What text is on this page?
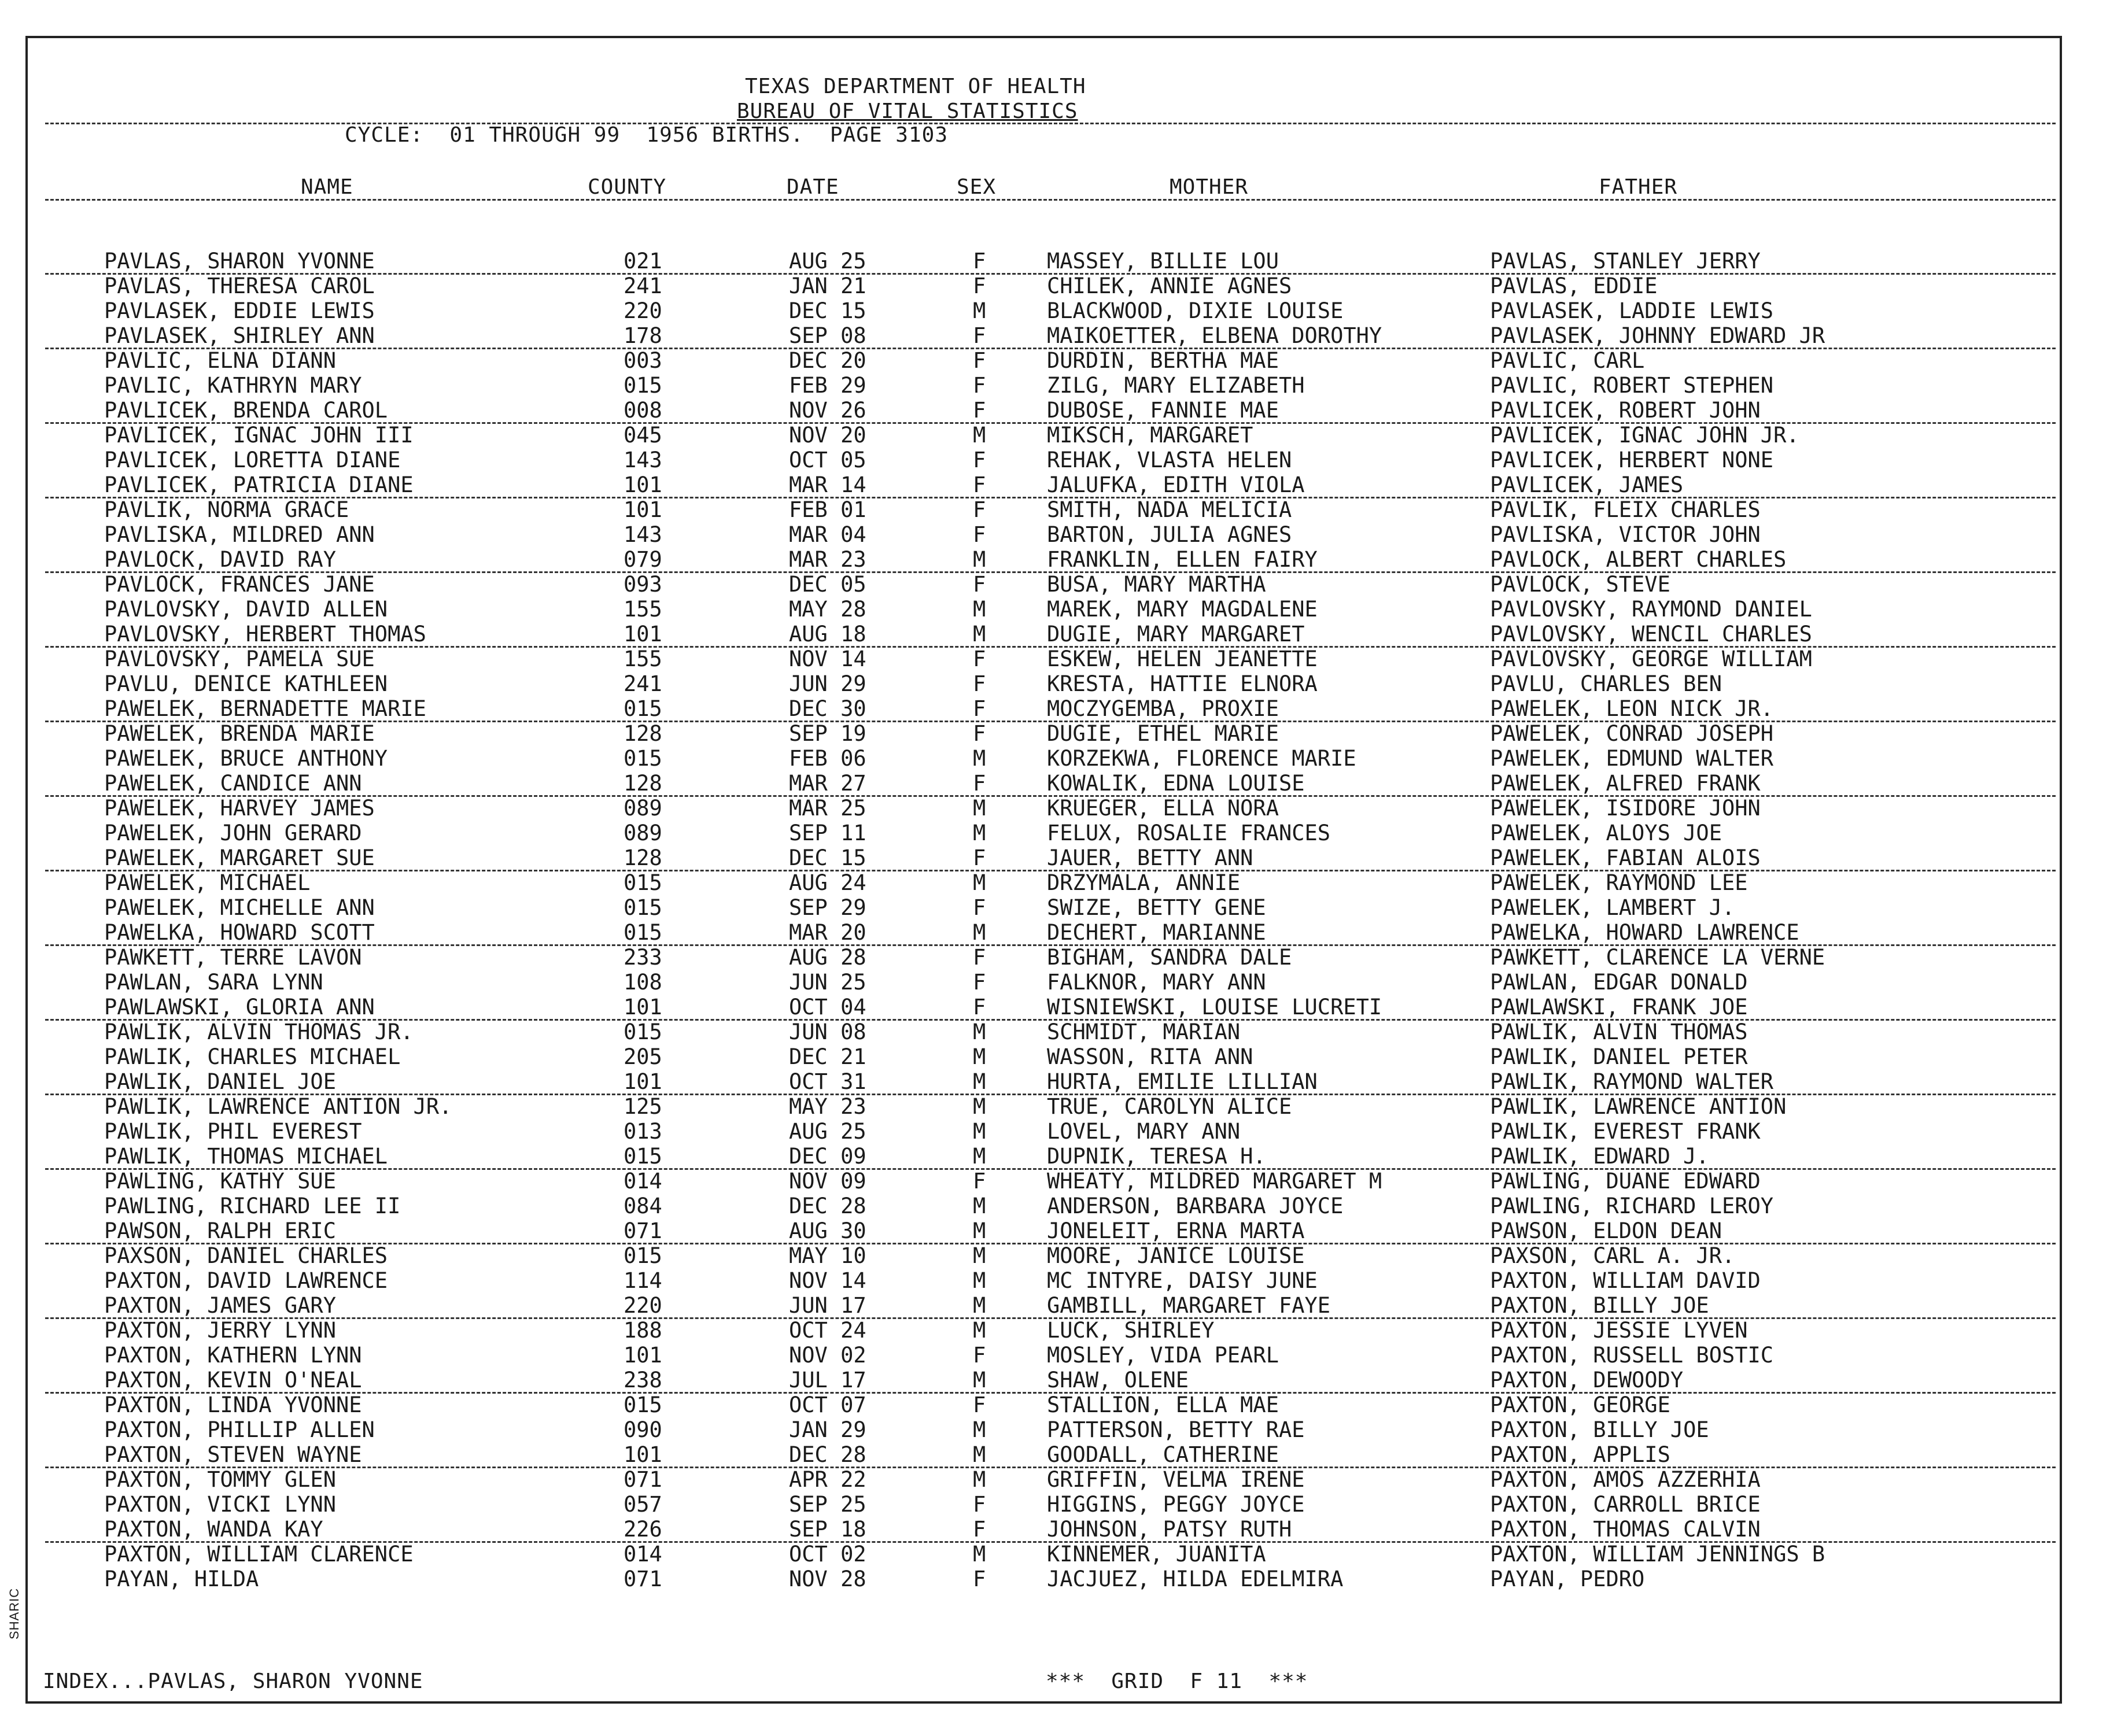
TEXAS DEPARTMENT OF HEALTH
BUREAU OF VITAL STATISTICS
CYCLE:  01 THROUGH 99  1956 BIRTHS.  PAGE 3103
NAME	COUNTY	DATE	SEX	MOTHER	FATHER
PAVLAS, SHARON YVONNE	021	AUG 25	F	MASSEY, BILLIE LOU	PAVLAS, STANLEY JERRY
PAVLAS, THERESA CAROL	241	JAN 21	F	CHILEK, ANNIE AGNES	PAVLAS, EDDIE
PAVLASEK, EDDIE LEWIS	220	DEC 15	M	BLACKWOOD, DIXIE LOUISE	PAVLASEK, LADDIE LEWIS
PAVLASEK, SHIRLEY ANN	178	SEP 08	F	MAIKOETTER, ELBENA DOROTHY	PAVLASEK, JOHNNY EDWARD JR
PAVLIC, ELNA DIANN	003	DEC 20	F	DURDIN, BERTHA MAE	PAVLIC, CARL
PAVLIC, KATHRYN MARY	015	FEB 29	F	ZILG, MARY ELIZABETH	PAVLIC, ROBERT STEPHEN
PAVLICEK, BRENDA CAROL	008	NOV 26	F	DUBOSE, FANNIE MAE	PAVLICEK, ROBERT JOHN
PAVLICEK, IGNAC JOHN III	045	NOV 20	M	MIKSCH, MARGARET	PAVLICEK, IGNAC JOHN JR.
PAVLICEK, LORETTA DIANE	143	OCT 05	F	REHAK, VLASTA HELEN	PAVLICEK, HERBERT NONE
PAVLICEK, PATRICIA DIANE	101	MAR 14	F	JALUFKA, EDITH VIOLA	PAVLICEK, JAMES
PAVLIK, NORMA GRACE	101	FEB 01	F	SMITH, NADA MELICIA	PAVLIK, FLEIX CHARLES
PAVLISKA, MILDRED ANN	143	MAR 04	F	BARTON, JULIA AGNES	PAVLISKA, VICTOR JOHN
PAVLOCK, DAVID RAY	079	MAR 23	M	FRANKLIN, ELLEN FAIRY	PAVLOCK, ALBERT CHARLES
PAVLOCK, FRANCES JANE	093	DEC 05	F	BUSA, MARY MARTHA	PAVLOCK, STEVE
PAVLOVSKY, DAVID ALLEN	155	MAY 28	M	MAREK, MARY MAGDALENE	PAVLOVSKY, RAYMOND DANIEL
PAVLOVSKY, HERBERT THOMAS	101	AUG 18	M	DUGIE, MARY MARGARET	PAVLOVSKY, WENCIL CHARLES
PAVLOVSKY, PAMELA SUE	155	NOV 14	F	ESKEW, HELEN JEANETTE	PAVLOVSKY, GEORGE WILLIAM
PAVLU, DENICE KATHLEEN	241	JUN 29	F	KRESTA, HATTIE ELNORA	PAVLU, CHARLES BEN
PAWELEK, BERNADETTE MARIE	015	DEC 30	F	MOCZYGEMBA, PROXIE	PAWELEK, LEON NICK JR.
PAWELEK, BRENDA MARIE	128	SEP 19	F	DUGIE, ETHEL MARIE	PAWELEK, CONRAD JOSEPH
PAWELEK, BRUCE ANTHONY	015	FEB 06	M	KORZEKWA, FLORENCE MARIE	PAWELEK, EDMUND WALTER
PAWELEK, CANDICE ANN	128	MAR 27	F	KOWALIK, EDNA LOUISE	PAWELEK, ALFRED FRANK
PAWELEK, HARVEY JAMES	089	MAR 25	M	KRUEGER, ELLA NORA	PAWELEK, ISIDORE JOHN
PAWELEK, JOHN GERARD	089	SEP 11	M	FELUX, ROSALIE FRANCES	PAWELEK, ALOYS JOE
PAWELEK, MARGARET SUE	128	DEC 15	F	JAUER, BETTY ANN	PAWELEK, FABIAN ALOIS
PAWELEK, MICHAEL	015	AUG 24	M	DRZYMALA, ANNIE	PAWELEK, RAYMOND LEE
PAWELEK, MICHELLE ANN	015	SEP 29	F	SWIZE, BETTY GENE	PAWELEK, LAMBERT J.
PAWELKA, HOWARD SCOTT	015	MAR 20	M	DECHERT, MARIANNE	PAWELKA, HOWARD LAWRENCE
PAWKETT, TERRE LAVON	233	AUG 28	F	BIGHAM, SANDRA DALE	PAWKETT, CLARENCE LA VERNE
PAWLAN, SARA LYNN	108	JUN 25	F	FALKNOR, MARY ANN	PAWLAN, EDGAR DONALD
PAWLAWSKI, GLORIA ANN	101	OCT 04	F	WISNIEWSKI, LOUISE LUCRETI	PAWLAWSKI, FRANK JOE
PAWLIK, ALVIN THOMAS JR.	015	JUN 08	M	SCHMIDT, MARIAN	PAWLIK, ALVIN THOMAS
PAWLIK, CHARLES MICHAEL	205	DEC 21	M	WASSON, RITA ANN	PAWLIK, DANIEL PETER
PAWLIK, DANIEL JOE	101	OCT 31	M	HURTA, EMILIE LILLIAN	PAWLIK, RAYMOND WALTER
PAWLIK, LAWRENCE ANTION JR.	125	MAY 23	M	TRUE, CAROLYN ALICE	PAWLIK, LAWRENCE ANTION
PAWLIK, PHIL EVEREST	013	AUG 25	M	LOVEL, MARY ANN	PAWLIK, EVEREST FRANK
PAWLIK, THOMAS MICHAEL	015	DEC 09	M	DUPNIK, TERESA H.	PAWLIK, EDWARD J.
PAWLING, KATHY SUE	014	NOV 09	F	WHEATY, MILDRED MARGARET M	PAWLING, DUANE EDWARD
PAWLING, RICHARD LEE II	084	DEC 28	M	ANDERSON, BARBARA JOYCE	PAWLING, RICHARD LEROY
PAWSON, RALPH ERIC	071	AUG 30	M	JONELEIT, ERNA MARTA	PAWSON, ELDON DEAN
PAXSON, DANIEL CHARLES	015	MAY 10	M	MOORE, JANICE LOUISE	PAXSON, CARL A. JR.
PAXTON, DAVID LAWRENCE	114	NOV 14	M	MC INTYRE, DAISY JUNE	PAXTON, WILLIAM DAVID
PAXTON, JAMES GARY	220	JUN 17	M	GAMBILL, MARGARET FAYE	PAXTON, BILLY JOE
PAXTON, JERRY LYNN	188	OCT 24	M	LUCK, SHIRLEY	PAXTON, JESSIE LYVEN
PAXTON, KATHERN LYNN	101	NOV 02	F	MOSLEY, VIDA PEARL	PAXTON, RUSSELL BOSTIC
PAXTON, KEVIN O'NEAL	238	JUL 17	M	SHAW, OLENE	PAXTON, DEWOODY
PAXTON, LINDA YVONNE	015	OCT 07	F	STALLION, ELLA MAE	PAXTON, GEORGE
PAXTON, PHILLIP ALLEN	090	JAN 29	M	PATTERSON, BETTY RAE	PAXTON, BILLY JOE
PAXTON, STEVEN WAYNE	101	DEC 28	M	GOODALL, CATHERINE	PAXTON, APPLIS
PAXTON, TOMMY GLEN	071	APR 22	M	GRIFFIN, VELMA IRENE	PAXTON, AMOS AZZERHIA
PAXTON, VICKI LYNN	057	SEP 25	F	HIGGINS, PEGGY JOYCE	PAXTON, CARROLL BRICE
PAXTON, WANDA KAY	226	SEP 18	F	JOHNSON, PATSY RUTH	PAXTON, THOMAS CALVIN
PAXTON, WILLIAM CLARENCE	014	OCT 02	M	KINNEMER, JUANITA	PAXTON, WILLIAM JENNINGS B
PAYAN, HILDA	071	NOV 28	F	JACJUEZ, HILDA EDELMIRA	PAYAN, PEDRO
INDEX...PAVLAS, SHARON YVONNE	***  GRID  F 11  ***
SHARIC
